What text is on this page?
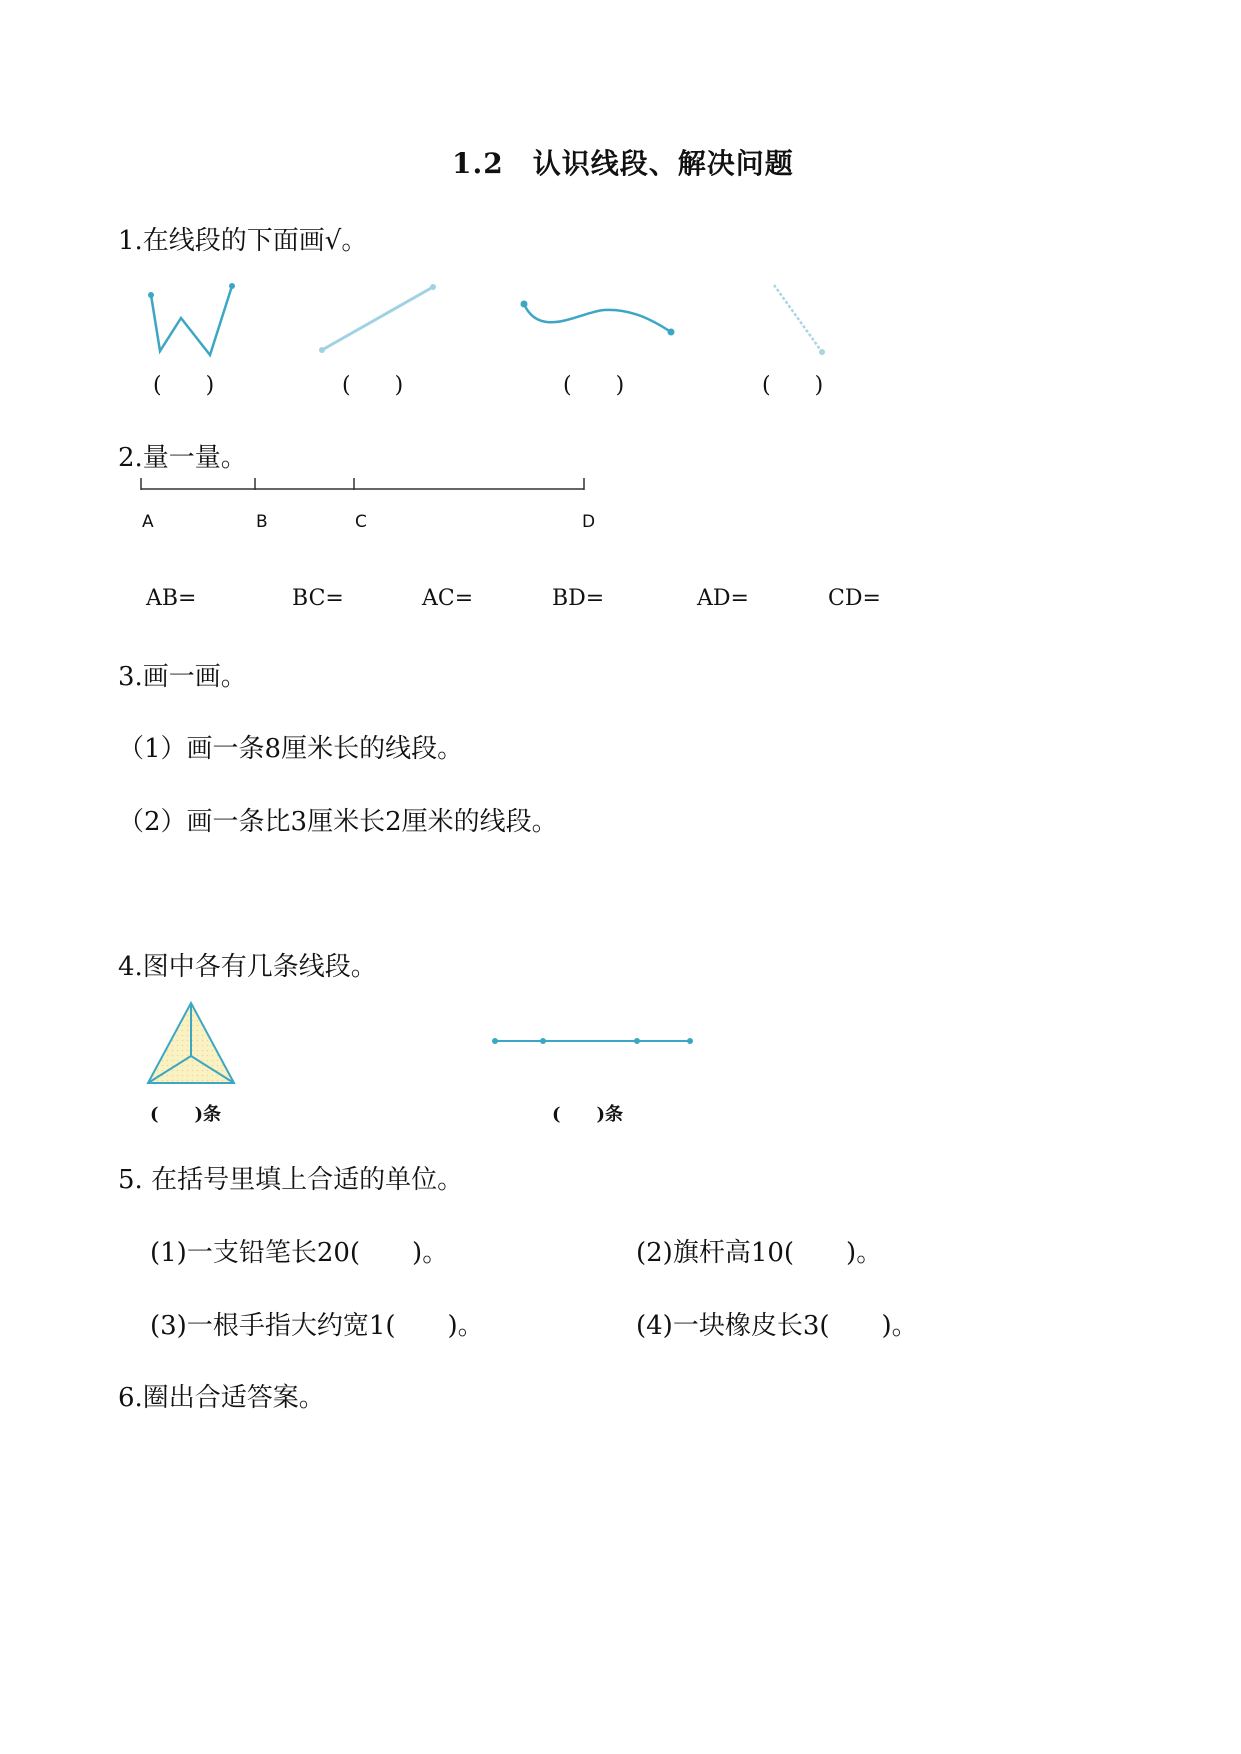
1.2　认识线段、解决问题
1.在线段的下面画√。
(　　)	(　　)	(　　)	(　　)
2.量一量。
A	B	C	D
AB=	BC=	AC=	BD=	AD=	CD=
3.画一画。
（1）画一条8厘米长的线段。
（2）画一条比3厘米长2厘米的线段。
4.图中各有几条线段。
(　　)条	(　　)条
5. 在括号里填上合适的单位。
(1)一支铅笔长20(　　)。	(2)旗杆高10(　　)。
(3)一根手指大约宽1(　　)。	(4)一块橡皮长3(　　)。
6.圈出合适答案。
